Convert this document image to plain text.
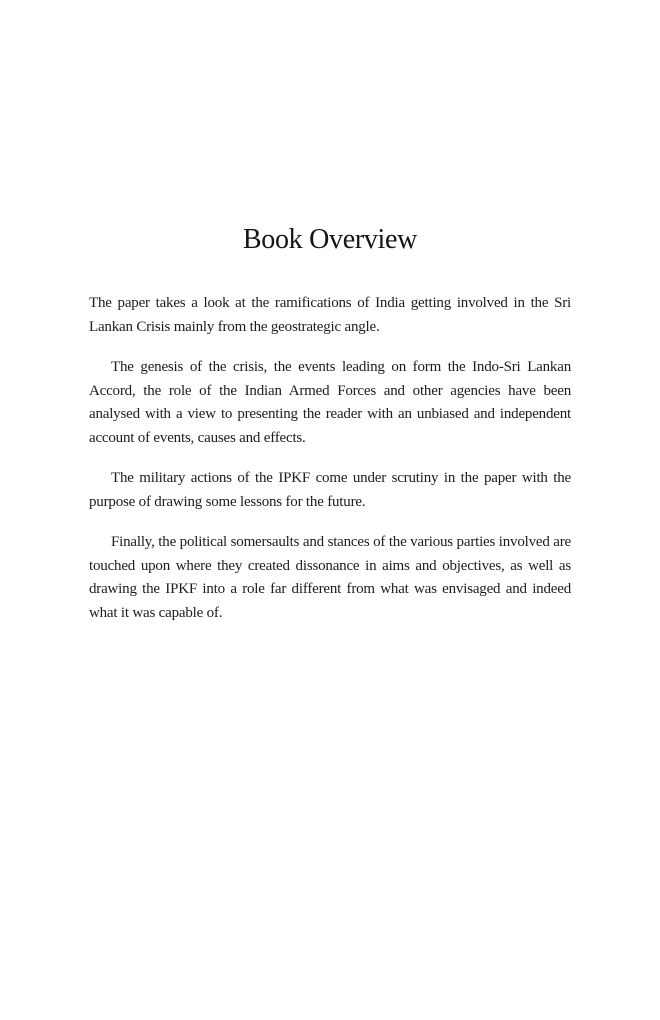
Book Overview

The paper takes a look at the ramifications of India getting involved in the Sri Lankan Crisis mainly from the geostrategic angle.

The genesis of the crisis, the events leading on form the Indo-Sri Lankan Accord, the role of the Indian Armed Forces and other agencies have been analysed with a view to presenting the reader with an unbiased and independent account of events, causes and effects.

The military actions of the IPKF come under scrutiny in the paper with the purpose of drawing some lessons for the future.

Finally, the political somersaults and stances of the various parties involved are touched upon where they created dissonance in aims and objectives, as well as drawing the IPKF into a role far different from what was envisaged and indeed what it was capable of.
